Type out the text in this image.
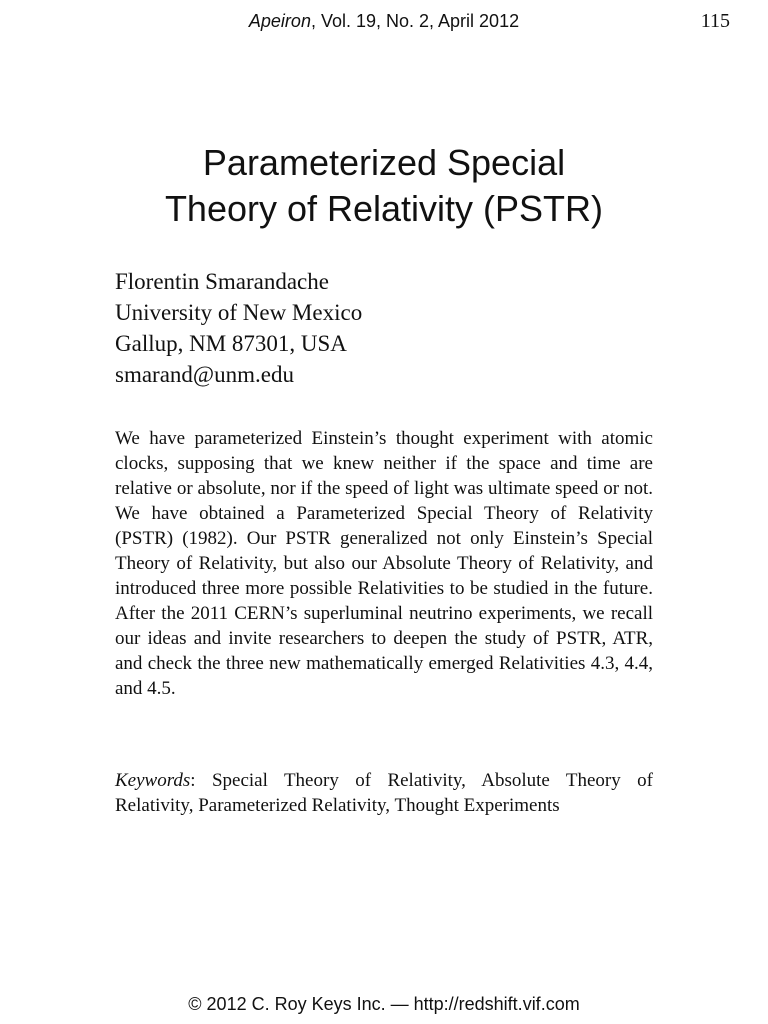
Apeiron, Vol. 19, No. 2, April 2012	115
Parameterized Special
Theory of Relativity (PSTR)
Florentin Smarandache
University of New Mexico
Gallup, NM 87301, USA
smarand@unm.edu

We have parameterized Einstein’s thought experiment with atomic clocks, supposing that we knew neither if the space and time are relative or absolute, nor if the speed of light was ultimate speed or not. We have obtained a Parameterized Special Theory of Relativity (PSTR) (1982). Our PSTR generalized not only Einstein’s Special Theory of Relativity, but also our Absolute Theory of Relativity, and introduced three more possible Relativities to be studied in the future. After the 2011 CERN’s superluminal neutrino experiments, we recall our ideas and invite researchers to deepen the study of PSTR, ATR, and check the three new mathematically emerged Relativities 4.3, 4.4, and 4.5.

Keywords: Special Theory of Relativity, Absolute Theory of Relativity, Parameterized Relativity, Thought Experiments

© 2012 C. Roy Keys Inc. — http://redshift.vif.com
